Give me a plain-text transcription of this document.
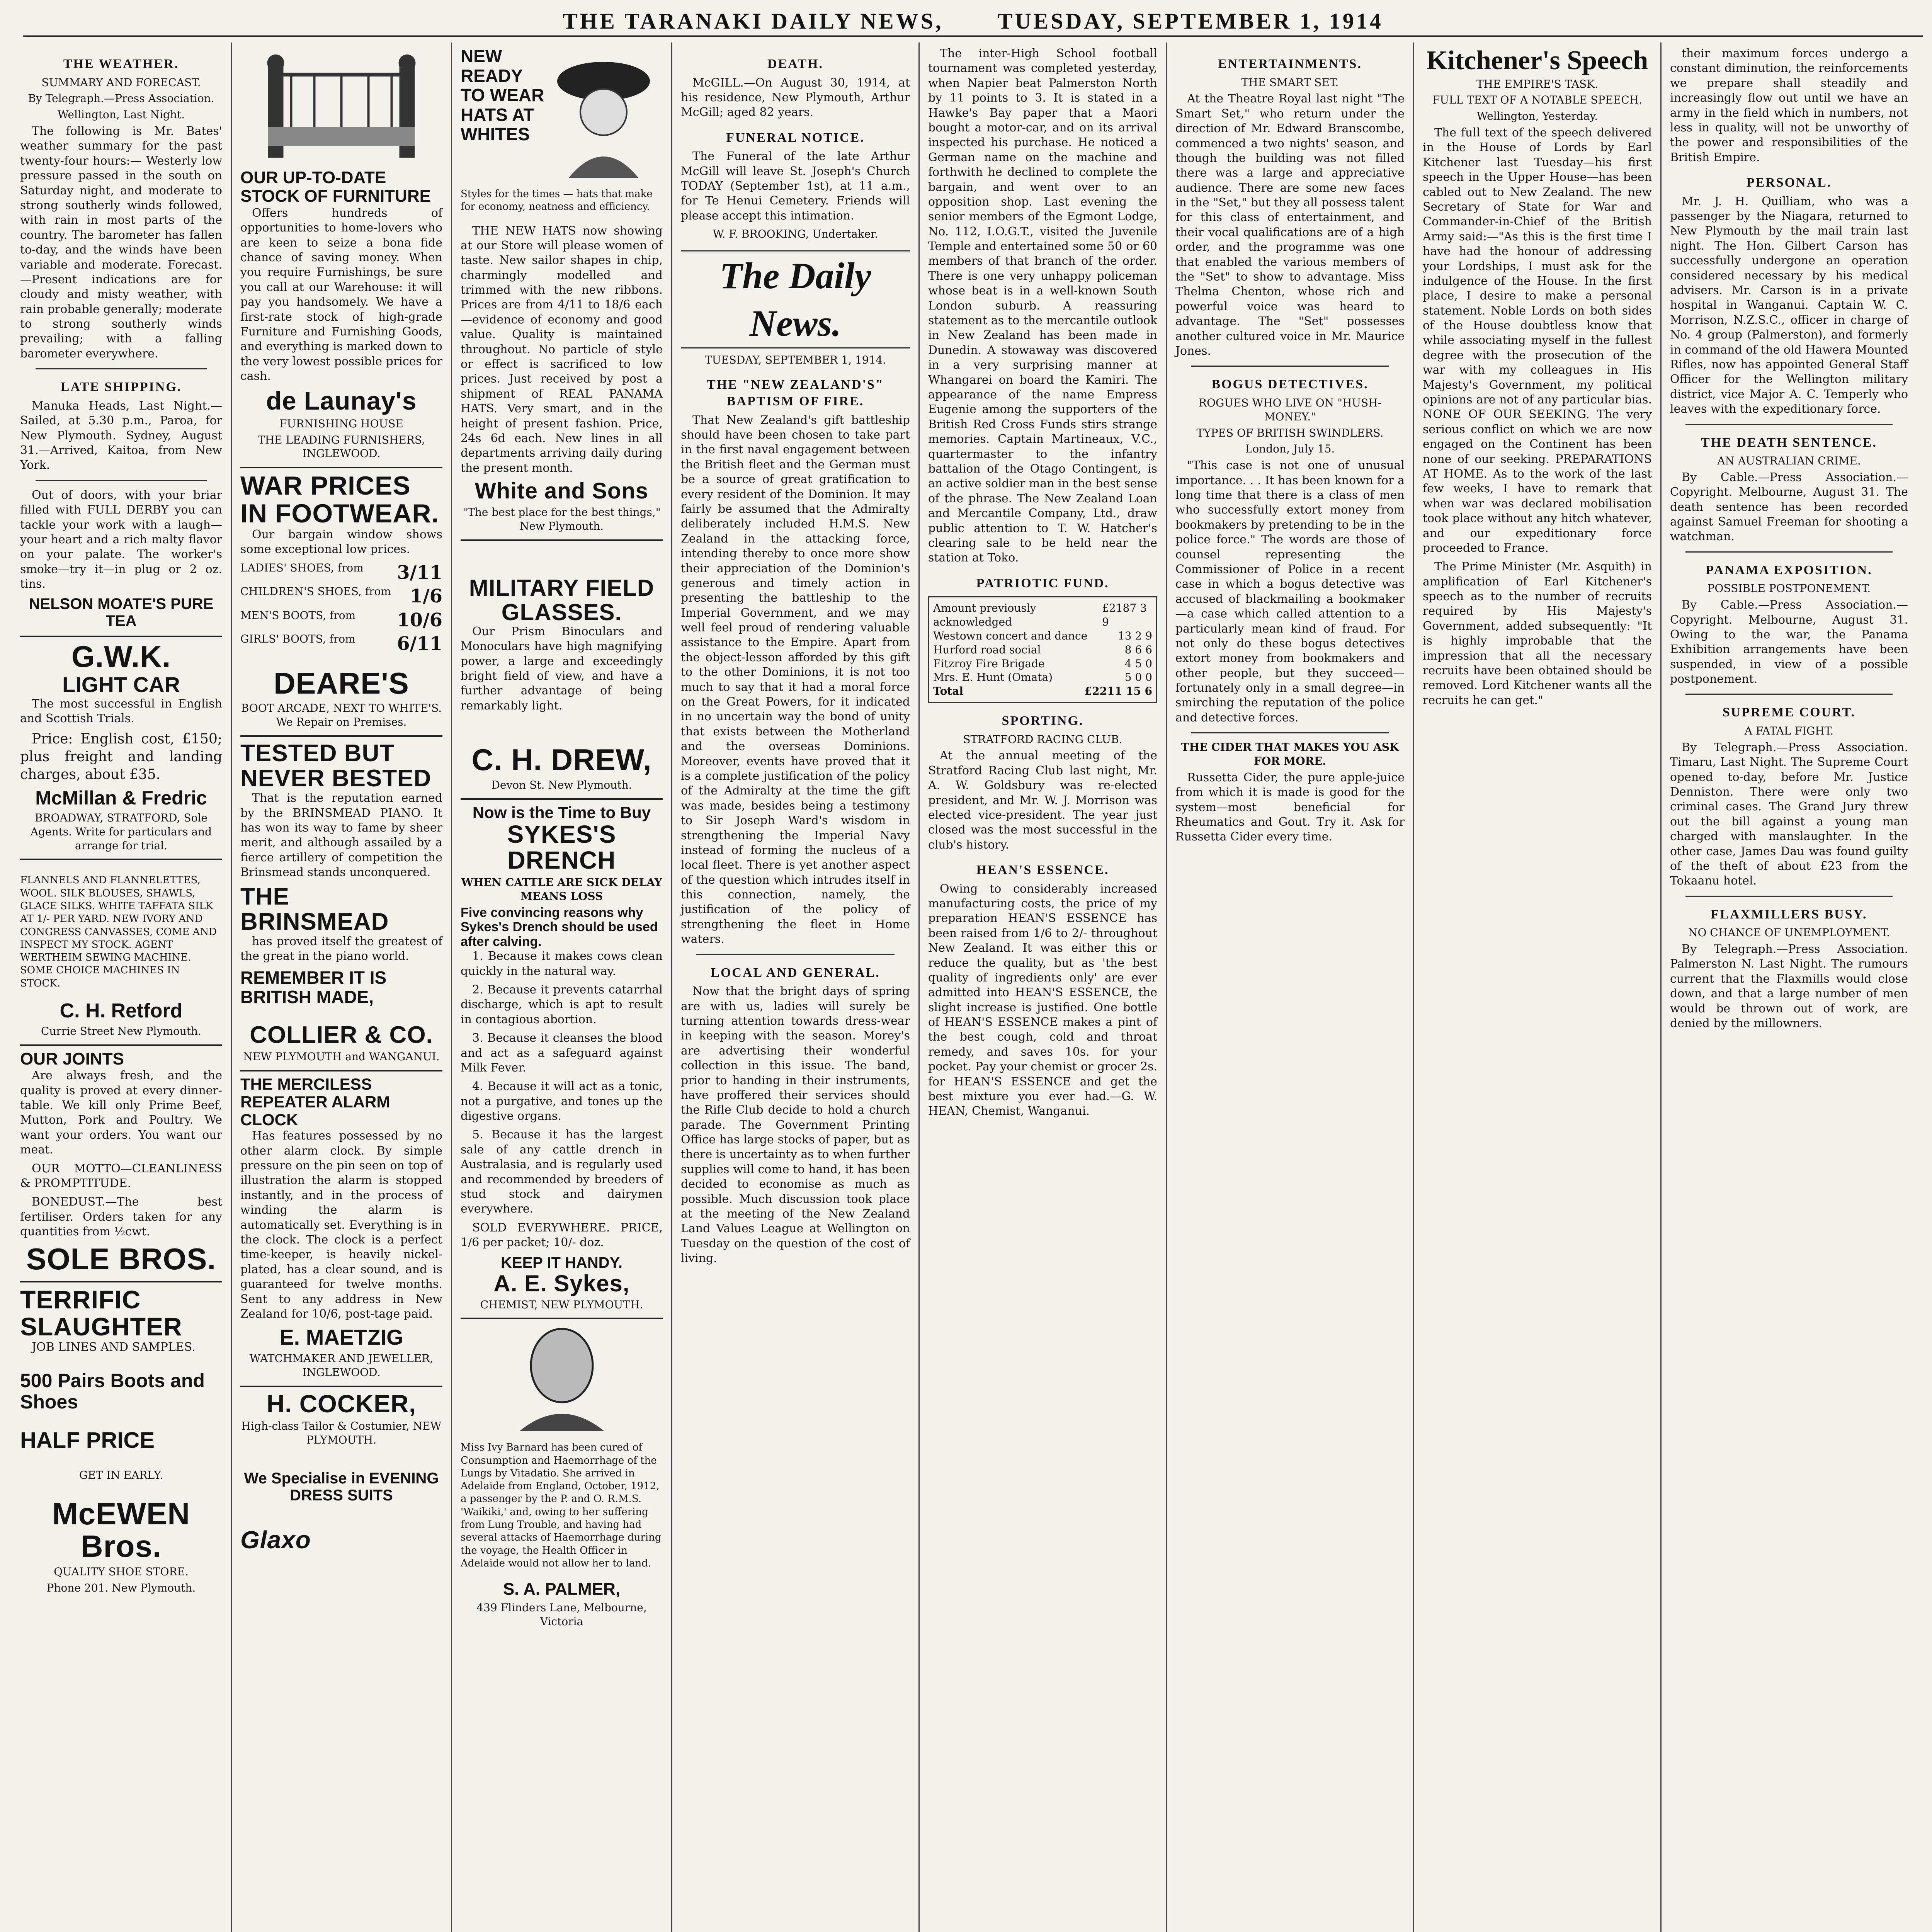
THE TARANAKI DAILY NEWS, TUESDAY, SEPTEMBER 1, 1914
THE WEATHER.
SUMMARY AND FORECAST.
By Telegraph.—Press Association.
Wellington, Last Night.

The following is Mr. Bates' weather summary for the past twenty-four hours:— Westerly low pressure passed in the south on Saturday night, and moderate to strong southerly winds followed, with rain in most parts of the country. The barometer has fallen to-day, and the winds have been variable and moderate. Forecast.—Present indications are for cloudy and misty weather, with rain probable generally; moderate to strong southerly winds prevailing; with a falling barometer everywhere.

LATE SHIPPING.

Manuka Heads, Last Night.—Sailed, at 5.30 p.m., Paroa, for New Plymouth. Sydney, August 31.—Arrived, Kaitoa, from New York.

Out of doors, with your briar filled with FULL DERBY you can tackle your work with a laugh—your heart and a rich malty flavor on your palate. The worker's smoke—try it—in plug or 2 oz. tins.

NELSON MOATE'S PURE TEA
G.W.K.
LIGHT CAR

The most successful in English and Scottish Trials.

Price: English cost, £150; plus freight and landing charges, about £35.

McMillan & Fredric
BROADWAY, STRATFORD, Sole Agents. Write for particulars and arrange for trial.

FLANNELS AND FLANNELETTES, WOOL. SILK BLOUSES, SHAWLS, GLACE SILKS. WHITE TAFFATA SILK AT 1/- PER YARD. NEW IVORY AND CONGRESS CANVASSES, COME AND INSPECT MY STOCK. AGENT WERTHEIM SEWING MACHINE. SOME CHOICE MACHINES IN STOCK.

C. H. Retford
Currie Street New Plymouth.
OUR JOINTS

Are always fresh, and the quality is proved at every dinner-table. We kill only Prime Beef, Mutton, Pork and Poultry. We want your orders. You want our meat.

OUR MOTTO—CLEANLINESS & PROMPTITUDE.

BONEDUST.—The best fertiliser. Orders taken for any quantities from ½cwt.

SOLE BROS.
TERRIFIC SLAUGHTER

JOB LINES AND SAMPLES.

500 Pairs Boots and Shoes
HALF PRICE
GET IN EARLY.
McEWEN Bros.
QUALITY SHOE STORE.
Phone 201. New Plymouth.
OUR UP-TO-DATE STOCK OF FURNITURE

Offers hundreds of opportunities to home-lovers who are keen to seize a bona fide chance of saving money. When you require Furnishings, be sure you call at our Warehouse: it will pay you handsomely. We have a first-rate stock of high-grade Furniture and Furnishing Goods, and everything is marked down to the very lowest possible prices for cash.

de Launay's
FURNISHING HOUSE
THE LEADING FURNISHERS, INGLEWOOD.
WAR PRICES IN FOOTWEAR.

Our bargain window shows some exceptional low prices.

LADIES' SHOES, from 3/11
CHILDREN'S SHOES, from 1/6
MEN'S BOOTS, from 10/6
GIRLS' BOOTS, from 6/11
DEARE'S
BOOT ARCADE, NEXT TO WHITE'S. We Repair on Premises.
TESTED BUT NEVER BESTED

That is the reputation earned by the BRINSMEAD PIANO. It has won its way to fame by sheer merit, and although assailed by a fierce artillery of competition the Brinsmead stands unconquered.

THE BRINSMEAD

has proved itself the greatest of the great in the piano world.

REMEMBER IT IS BRITISH MADE,
COLLIER & CO.
NEW PLYMOUTH and WANGANUI.
THE MERCILESS REPEATER ALARM CLOCK

Has features possessed by no other alarm clock. By simple pressure on the pin seen on top of illustration the alarm is stopped instantly, and in the process of winding the alarm is automatically set. Everything is in the clock. The clock is a perfect time-keeper, is heavily nickel-plated, has a clear sound, and is guaranteed for twelve months. Sent to any address in New Zealand for 10/6, post-tage paid.

E. MAETZIG
WATCHMAKER AND JEWELLER, INGLEWOOD.
H. COCKER,
High-class Tailor & Costumier, NEW PLYMOUTH.
We Specialise in EVENING DRESS SUITS
Glaxo
NEW READY TO WEAR HATS AT WHITES

Styles for the times — hats that make for economy, neatness and efficiency.

THE NEW HATS now showing at our Store will please women of taste. New sailor shapes in chip, charmingly modelled and trimmed with the new ribbons. Prices are from 4/11 to 18/6 each—evidence of economy and good value. Quality is maintained throughout. No particle of style or effect is sacrificed to low prices. Just received by post a shipment of REAL PANAMA HATS. Very smart, and in the height of present fashion. Price, 24s 6d each. New lines in all departments arriving daily during the present month.

White and Sons
"The best place for the best things," New Plymouth.
MILITARY FIELD GLASSES.

Our Prism Binoculars and Monoculars have high magnifying power, a large and exceedingly bright field of view, and have a further advantage of being remarkably light.

C. H. DREW,
Devon St. New Plymouth.
Now is the Time to Buy
SYKES'S DRENCH
WHEN CATTLE ARE SICK DELAY MEANS LOSS
Five convincing reasons why Sykes's Drench should be used after calving.

1. Because it makes cows clean quickly in the natural way.

2. Because it prevents catarrhal discharge, which is apt to result in contagious abortion.

3. Because it cleanses the blood and act as a safeguard against Milk Fever.

4. Because it will act as a tonic, not a purgative, and tones up the digestive organs.

5. Because it has the largest sale of any cattle drench in Australasia, and is regularly used and recommended by breeders of stud stock and dairymen everywhere.

SOLD EVERYWHERE. PRICE, 1/6 per packet; 10/- doz.

KEEP IT HANDY.
A. E. Sykes,
CHEMIST, NEW PLYMOUTH.

Miss Ivy Barnard has been cured of Consumption and Haemorrhage of the Lungs by Vitadatio. She arrived in Adelaide from England, October, 1912, a passenger by the P. and O. R.M.S. 'Waikiki,' and, owing to her suffering from Lung Trouble, and having had several attacks of Haemorrhage during the voyage, the Health Officer in Adelaide would not allow her to land.

S. A. PALMER,
439 Flinders Lane, Melbourne, Victoria
DEATH.

McGILL.—On August 30, 1914, at his residence, New Plymouth, Arthur McGill; aged 82 years.

FUNERAL NOTICE.

The Funeral of the late Arthur McGill will leave St. Joseph's Church TODAY (September 1st), at 11 a.m., for Te Henui Cemetery. Friends will please accept this intimation.

W. F. BROOKING, Undertaker.
The Daily News.
TUESDAY, SEPTEMBER 1, 1914.
THE "NEW ZEALAND'S" BAPTISM OF FIRE.

That New Zealand's gift battleship should have been chosen to take part in the first naval engagement between the British fleet and the German must be a source of great gratification to every resident of the Dominion. It may fairly be assumed that the Admiralty deliberately included H.M.S. New Zealand in the attacking force, intending thereby to once more show their appreciation of the Dominion's generous and timely action in presenting the battleship to the Imperial Government, and we may well feel proud of rendering valuable assistance to the Empire. Apart from the object-lesson afforded by this gift to the other Dominions, it is not too much to say that it had a moral force on the Great Powers, for it indicated in no uncertain way the bond of unity that exists between the Motherland and the overseas Dominions. Moreover, events have proved that it is a complete justification of the policy of the Admiralty at the time the gift was made, besides being a testimony to Sir Joseph Ward's wisdom in strengthening the Imperial Navy instead of forming the nucleus of a local fleet. There is yet another aspect of the question which intrudes itself in this connection, namely, the justification of the policy of strengthening the fleet in Home waters.

LOCAL AND GENERAL.

Now that the bright days of spring are with us, ladies will surely be turning attention towards dress-wear in keeping with the season. Morey's are advertising their wonderful collection in this issue. The band, prior to handing in their instruments, have proffered their services should the Rifle Club decide to hold a church parade. The Government Printing Office has large stocks of paper, but as there is uncertainty as to when further supplies will come to hand, it has been decided to economise as much as possible. Much discussion took place at the meeting of the New Zealand Land Values League at Wellington on Tuesday on the question of the cost of living.

The inter-High School football tournament was completed yesterday, when Napier beat Palmerston North by 11 points to 3. It is stated in a Hawke's Bay paper that a Maori bought a motor-car, and on its arrival inspected his purchase. He noticed a German name on the machine and forthwith he declined to complete the bargain, and went over to an opposition shop. Last evening the senior members of the Egmont Lodge, No. 112, I.O.G.T., visited the Juvenile Temple and entertained some 50 or 60 members of that branch of the order. There is one very unhappy policeman whose beat is in a well-known South London suburb. A reassuring statement as to the mercantile outlook in New Zealand has been made in Dunedin. A stowaway was discovered in a very surprising manner at Whangarei on board the Kamiri. The appearance of the name Empress Eugenie among the supporters of the British Red Cross Funds stirs strange memories. Captain Martineaux, V.C., quartermaster to the infantry battalion of the Otago Contingent, is an active soldier man in the best sense of the phrase. The New Zealand Loan and Mercantile Company, Ltd., draw public attention to T. W. Hatcher's clearing sale to be held near the station at Toko.

PATRIOTIC FUND.
Amount previously acknowledged
£2187 3 9
Westown concert and dance	13 2 9
Hurford road social	8 6 6
Fitzroy Fire Brigade	4 5 0
Mrs. E. Hunt (Omata)	5 0 0
Total	£2211 15 6
SPORTING.
STRATFORD RACING CLUB.

At the annual meeting of the Stratford Racing Club last night, Mr. A. W. Goldsbury was re-elected president, and Mr. W. J. Morrison was elected vice-president. The year just closed was the most successful in the club's history.

HEAN'S ESSENCE.

Owing to considerably increased manufacturing costs, the price of my preparation HEAN'S ESSENCE has been raised from 1/6 to 2/- throughout New Zealand. It was either this or reduce the quality, but as 'the best quality of ingredients only' are ever admitted into HEAN'S ESSENCE, the slight increase is justified. One bottle of HEAN'S ESSENCE makes a pint of the best cough, cold and throat remedy, and saves 10s. for your pocket. Pay your chemist or grocer 2s. for HEAN'S ESSENCE and get the best mixture you ever had.—G. W. HEAN, Chemist, Wanganui.

ENTERTAINMENTS.
THE SMART SET.

At the Theatre Royal last night "The Smart Set," who return under the direction of Mr. Edward Branscombe, commenced a two nights' season, and though the building was not filled there was a large and appreciative audience. There are some new faces in the "Set," but they all possess talent for this class of entertainment, and their vocal qualifications are of a high order, and the programme was one that enabled the various members of the "Set" to show to advantage. Miss Thelma Chenton, whose rich and powerful voice was heard to advantage. The "Set" possesses another cultured voice in Mr. Maurice Jones.

BOGUS DETECTIVES.
ROGUES WHO LIVE ON "HUSH-MONEY."
TYPES OF BRITISH SWINDLERS.
London, July 15.

"This case is not one of unusual importance. . . It has been known for a long time that there is a class of men who successfully extort money from bookmakers by pretending to be in the police force." The words are those of counsel representing the Commissioner of Police in a recent case in which a bogus detective was accused of blackmailing a bookmaker—a case which called attention to a particularly mean kind of fraud. For not only do these bogus detectives extort money from bookmakers and other people, but they succeed—fortunately only in a small degree—in smirching the reputation of the police and detective forces.

THE CIDER THAT MAKES YOU ASK FOR MORE.

Russetta Cider, the pure apple-juice from which it is made is good for the system—most beneficial for Rheumatics and Gout. Try it. Ask for Russetta Cider every time.

Kitchener's Speech
THE EMPIRE'S TASK.
FULL TEXT OF A NOTABLE SPEECH.
Wellington, Yesterday.

The full text of the speech delivered in the House of Lords by Earl Kitchener last Tuesday—his first speech in the Upper House—has been cabled out to New Zealand. The new Secretary of State for War and Commander-in-Chief of the British Army said:—"As this is the first time I have had the honour of addressing your Lordships, I must ask for the indulgence of the House. In the first place, I desire to make a personal statement. Noble Lords on both sides of the House doubtless know that while associating myself in the fullest degree with the prosecution of the war with my colleagues in His Majesty's Government, my political opinions are not of any particular bias. NONE OF OUR SEEKING. The very serious conflict on which we are now engaged on the Continent has been none of our seeking. PREPARATIONS AT HOME. As to the work of the last few weeks, I have to remark that when war was declared mobilisation took place without any hitch whatever, and our expeditionary force proceeded to France.

The Prime Minister (Mr. Asquith) in amplification of Earl Kitchener's speech as to the number of recruits required by His Majesty's Government, added subsequently: "It is highly improbable that the impression that all the necessary recruits have been obtained should be removed. Lord Kitchener wants all the recruits he can get."

their maximum forces undergo a constant diminution, the reinforcements we prepare shall steadily and increasingly flow out until we have an army in the field which in numbers, not less in quality, will not be unworthy of the power and responsibilities of the British Empire.

PERSONAL.

Mr. J. H. Quilliam, who was a passenger by the Niagara, returned to New Plymouth by the mail train last night. The Hon. Gilbert Carson has successfully undergone an operation considered necessary by his medical advisers. Mr. Carson is in a private hospital in Wanganui. Captain W. C. Morrison, N.Z.S.C., officer in charge of No. 4 group (Palmerston), and formerly in command of the old Hawera Mounted Rifles, now has appointed General Staff Officer for the Wellington military district, vice Major A. C. Temperly who leaves with the expeditionary force.

THE DEATH SENTENCE.
AN AUSTRALIAN CRIME.

By Cable.—Press Association.—Copyright. Melbourne, August 31. The death sentence has been recorded against Samuel Freeman for shooting a watchman.

PANAMA EXPOSITION.
POSSIBLE POSTPONEMENT.

By Cable.—Press Association.—Copyright. Melbourne, August 31. Owing to the war, the Panama Exhibition arrangements have been suspended, in view of a possible postponement.

SUPREME COURT.
A FATAL FIGHT.

By Telegraph.—Press Association. Timaru, Last Night. The Supreme Court opened to-day, before Mr. Justice Denniston. There were only two criminal cases. The Grand Jury threw out the bill against a young man charged with manslaughter. In the other case, James Dau was found guilty of the theft of about £23 from the Tokaanu hotel.

FLAXMILLERS BUSY.
NO CHANCE OF UNEMPLOYMENT.

By Telegraph.—Press Association. Palmerston N. Last Night. The rumours current that the Flaxmills would close down, and that a large number of men would be thrown out of work, are denied by the millowners.
